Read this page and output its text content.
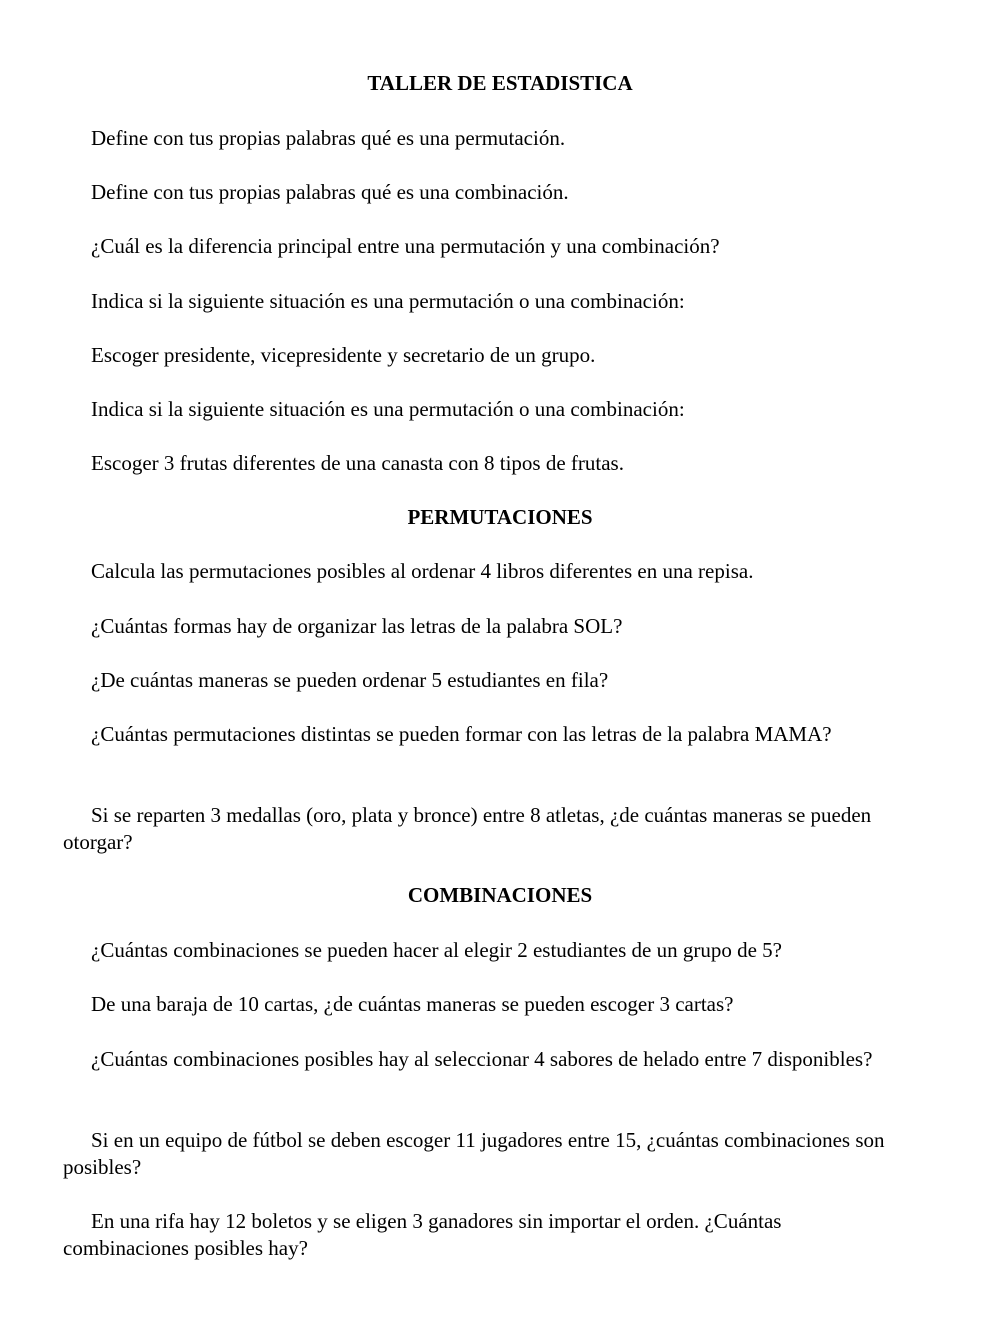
TALLER DE ESTADISTICA

Define con tus propias palabras qué es una permutación.

Define con tus propias palabras qué es una combinación.

¿Cuál es la diferencia principal entre una permutación y una combinación?

Indica si la siguiente situación es una permutación o una combinación:

Escoger presidente, vicepresidente y secretario de un grupo.

Indica si la siguiente situación es una permutación o una combinación:

Escoger 3 frutas diferentes de una canasta con 8 tipos de frutas.

PERMUTACIONES

Calcula las permutaciones posibles al ordenar 4 libros diferentes en una repisa.

¿Cuántas formas hay de organizar las letras de la palabra SOL?

¿De cuántas maneras se pueden ordenar 5 estudiantes en fila?

¿Cuántas permutaciones distintas se pueden formar con las letras de la palabra MAMA?

Si se reparten 3 medallas (oro, plata y bronce) entre 8 atletas, ¿de cuántas maneras se pueden otorgar?

COMBINACIONES

¿Cuántas combinaciones se pueden hacer al elegir 2 estudiantes de un grupo de 5?

De una baraja de 10 cartas, ¿de cuántas maneras se pueden escoger 3 cartas?

¿Cuántas combinaciones posibles hay al seleccionar 4 sabores de helado entre 7 disponibles?

Si en un equipo de fútbol se deben escoger 11 jugadores entre 15, ¿cuántas combinaciones son posibles?

En una rifa hay 12 boletos y se eligen 3 ganadores sin importar el orden. ¿Cuántas combinaciones posibles hay?
